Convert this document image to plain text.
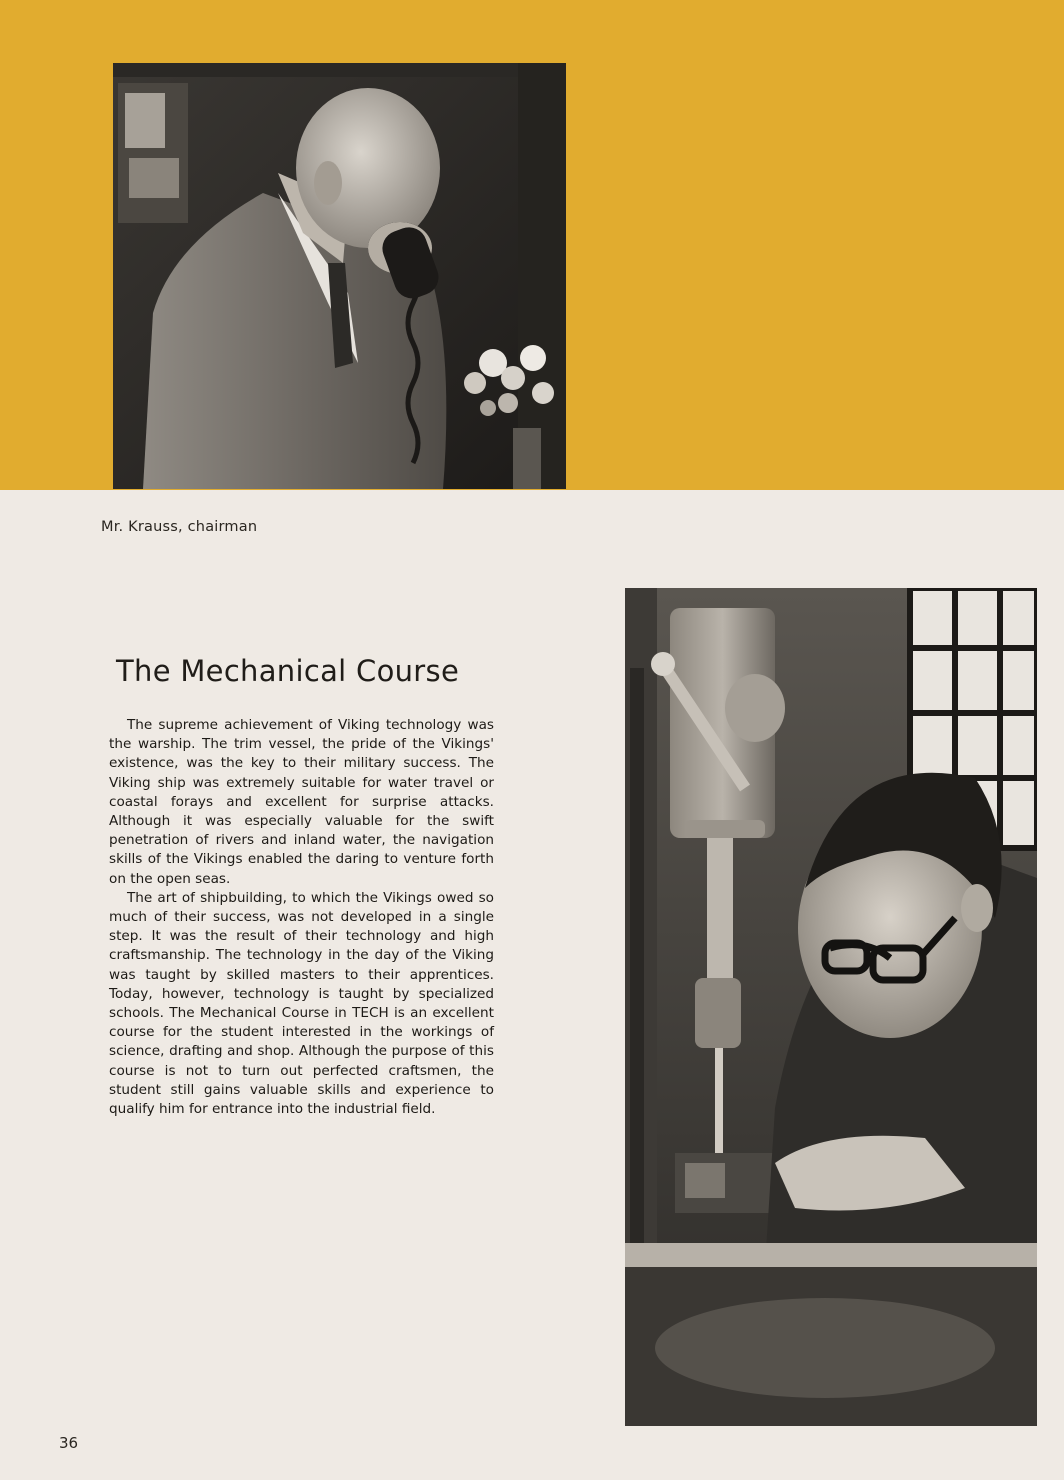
Mr. Krauss, chairman
The Mechanical Course

The supreme achievement of Viking technology was the warship. The trim vessel, the pride of the Vikings' existence, was the key to their military success. The Viking ship was extremely suitable for water travel or coastal forays and excellent for surprise attacks. Although it was especially valuable for the swift penetration of rivers and inland water, the navigation skills of the Vikings enabled the daring to venture forth on the open seas.

The art of shipbuilding, to which the Vikings owed so much of their success, was not developed in a single step. It was the result of their technology and high craftsmanship. The technology in the day of the Viking was taught by skilled masters to their apprentices. Today, however, technology is taught by specialized schools. The Mechanical Course in TECH is an excellent course for the student interested in the workings of science, drafting and shop. Although the purpose of this course is not to turn out perfected craftsmen, the student still gains valuable skills and experience to qualify him for entrance into the industrial field.

36
